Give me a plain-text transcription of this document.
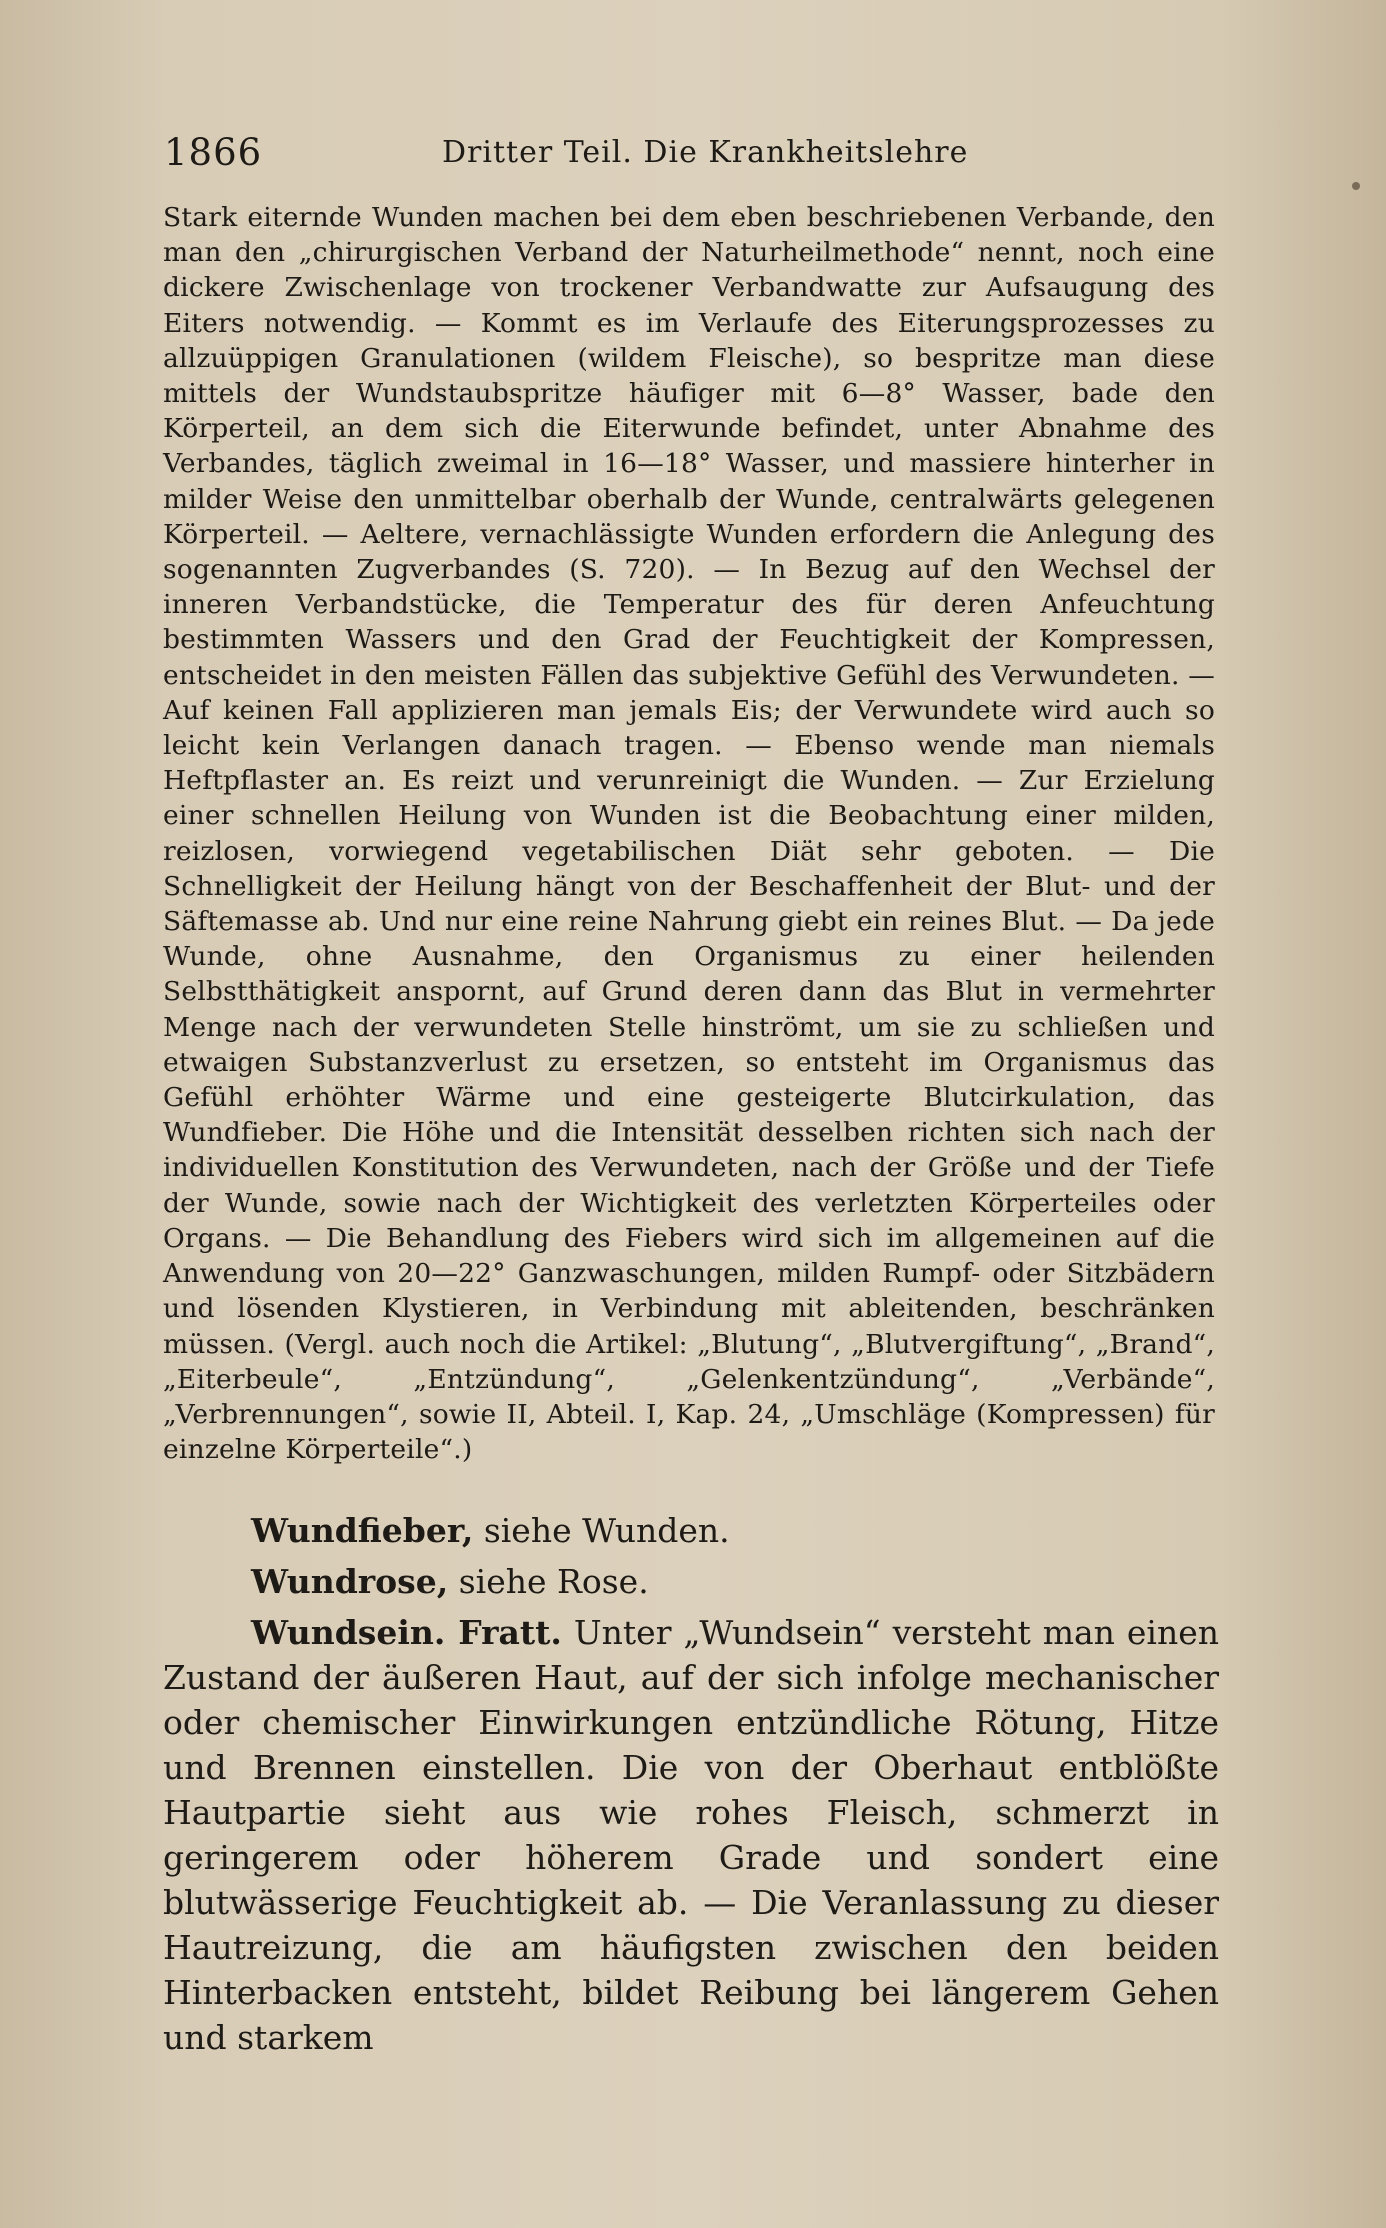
1866	Dritter Teil. Die Krankheitslehre

Stark eiternde Wunden machen bei dem eben beschriebenen Verbande, den man den „chirurgischen Verband der Naturheilmethode“ nennt, noch eine dickere Zwischenlage von trockener Verbandwatte zur Aufsaugung des Eiters notwendig. — Kommt es im Verlaufe des Eiterungsprozesses zu allzuüppigen Granulationen (wildem Fleische), so bespritze man diese mittels der Wundstaubspritze häufiger mit 6—8° Wasser, bade den Körperteil, an dem sich die Eiterwunde befindet, unter Abnahme des Verbandes, täglich zweimal in 16—18° Wasser, und massiere hinterher in milder Weise den unmittelbar oberhalb der Wunde, centralwärts gelegenen Körperteil. — Aeltere, vernachlässigte Wunden erfordern die Anlegung des sogenannten Zugverbandes (S. 720). — In Bezug auf den Wechsel der inneren Verbandstücke, die Temperatur des für deren Anfeuchtung bestimmten Wassers und den Grad der Feuchtigkeit der Kompressen, entscheidet in den meisten Fällen das subjektive Gefühl des Verwundeten. — Auf keinen Fall applizieren man jemals Eis; der Verwundete wird auch so leicht kein Verlangen danach tragen. — Ebenso wende man niemals Heftpflaster an. Es reizt und verunreinigt die Wunden. — Zur Erzielung einer schnellen Heilung von Wunden ist die Beobachtung einer milden, reizlosen, vorwiegend vegetabilischen Diät sehr geboten. — Die Schnelligkeit der Heilung hängt von der Beschaffenheit der Blut- und der Säftemasse ab. Und nur eine reine Nahrung giebt ein reines Blut. — Da jede Wunde, ohne Ausnahme, den Organismus zu einer heilenden Selbstthätigkeit anspornt, auf Grund deren dann das Blut in vermehrter Menge nach der verwundeten Stelle hinströmt, um sie zu schließen und etwaigen Substanzverlust zu ersetzen, so entsteht im Organismus das Gefühl erhöhter Wärme und eine gesteigerte Blutcirkulation, das Wundfieber. Die Höhe und die Intensität desselben richten sich nach der individuellen Konstitution des Verwundeten, nach der Größe und der Tiefe der Wunde, sowie nach der Wichtigkeit des verletzten Körperteiles oder Organs. — Die Behandlung des Fiebers wird sich im allgemeinen auf die Anwendung von 20—22° Ganzwaschungen, milden Rumpf- oder Sitzbädern und lösenden Klystieren, in Verbindung mit ableitenden, beschränken müssen. (Vergl. auch noch die Artikel: „Blutung“, „Blutvergiftung“, „Brand“, „Eiterbeule“, „Entzündung“, „Gelenkentzündung“, „Verbände“, „Verbrennungen“, sowie II, Abteil. I, Kap. 24, „Umschläge (Kompressen) für einzelne Körperteile“.)

Wundfieber, siehe Wunden.
Wundrose, siehe Rose.

Wundsein. Fratt. Unter „Wundsein“ versteht man einen Zustand der äußeren Haut, auf der sich infolge mechanischer oder chemischer Einwirkungen entzündliche Rötung, Hitze und Brennen einstellen. Die von der Oberhaut entblößte Hautpartie sieht aus wie rohes Fleisch, schmerzt in geringerem oder höherem Grade und sondert eine blutwässerige Feuchtigkeit ab. — Die Veranlassung zu dieser Hautreizung, die am häufigsten zwischen den beiden Hinterbacken entsteht, bildet Reibung bei längerem Gehen und starkem
